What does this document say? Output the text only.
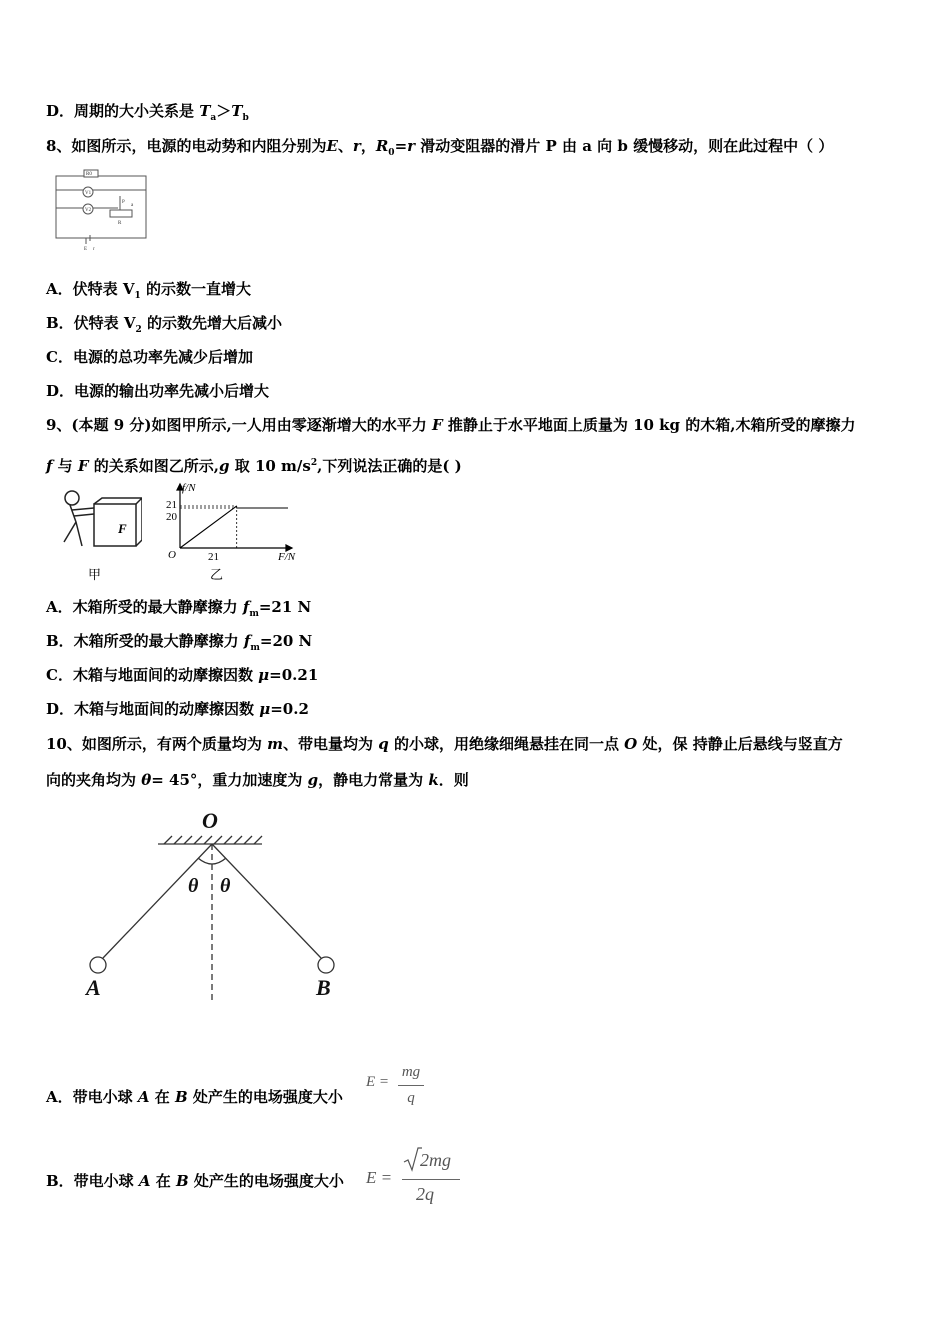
D．周期的大小关系是 $T_a>T_b$
8、如图所示，电源的电动势和内阻分别为E、r，$R_0=r$ 滑动变阻器的滑片 P 由 a 向 b 缓慢移动，则在此过程中（ ）
R0
V1
V2
a
P
R
E r
A．伏特表 $V_1$ 的示数一直增大
B．伏特表 $V_2$ 的示数先增大后减小
C．电源的总功率先减少后增加
D．电源的输出功率先减小后增大
9、(本题 9 分)如图甲所示,一人用由零逐渐增大的水平力 F 推静止于水平地面上质量为 10 kg 的木箱,木箱所受的摩擦力
f 与 F 的关系如图乙所示,g 取 10 $m/s^2$,下列说法正确的是( )
F
甲
f/N
F/N
21
20
21
O
乙
A．木箱所受的最大静摩擦力 $f_m=21$ N
B．木箱所受的最大静摩擦力 $f_m=20$ N
C．木箱与地面间的动摩擦因数 μ=0.21
D．木箱与地面间的动摩擦因数 μ=0.2
10、如图所示，有两个质量均为 m、带电量均为 q 的小球，用绝缘细绳悬挂在同一点 O 处，保 持静止后悬线与竖直方
向的夹角均为 θ= 45°，重力加速度为 g，静电力常量为 k．则
O
θ θ
A	B
A．带电小球 A 在 B 处产生的电场强度大小
E =
mg
q
B．带电小球 A 在 B 处产生的电场强度大小 E =
2mg
2q
